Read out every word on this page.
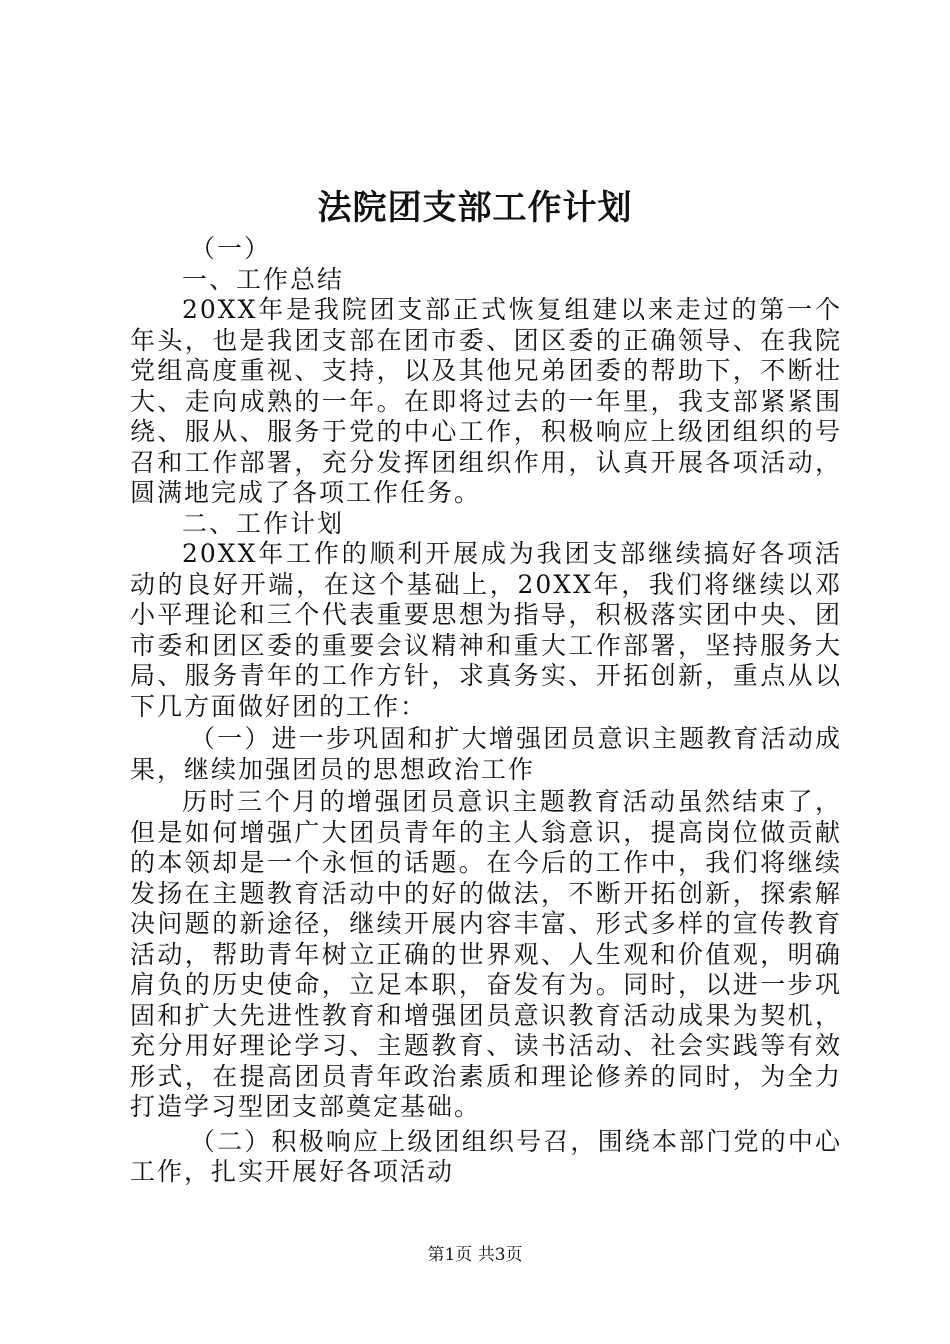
法院团支部工作计划

（一）

一、工作总结

20XX年是我院团支部正式恢复组建以来走过的第一个年头，也是我团支部在团市委、团区委的正确领导、在我院党组高度重视、支持，以及其他兄弟团委的帮助下，不断壮大、走向成熟的一年。在即将过去的一年里，我支部紧紧围绕、服从、服务于党的中心工作，积极响应上级团组织的号召和工作部署，充分发挥团组织作用，认真开展各项活动，圆满地完成了各项工作任务。

二、工作计划

20XX年工作的顺利开展成为我团支部继续搞好各项活动的良好开端，在这个基础上，20XX年，我们将继续以邓小平理论和三个代表重要思想为指导，积极落实团中央、团市委和团区委的重要会议精神和重大工作部署，坚持服务大局、服务青年的工作方针，求真务实、开拓创新，重点从以下几方面做好团的工作：

（一）进一步巩固和扩大增强团员意识主题教育活动成果，继续加强团员的思想政治工作

历时三个月的增强团员意识主题教育活动虽然结束了，但是如何增强广大团员青年的主人翁意识，提高岗位做贡献的本领却是一个永恒的话题。在今后的工作中，我们将继续发扬在主题教育活动中的好的做法，不断开拓创新，探索解决问题的新途径，继续开展内容丰富、形式多样的宣传教育活动，帮助青年树立正确的世界观、人生观和价值观，明确肩负的历史使命，立足本职，奋发有为。同时，以进一步巩固和扩大先进性教育和增强团员意识教育活动成果为契机，充分用好理论学习、主题教育、读书活动、社会实践等有效形式，在提高团员青年政治素质和理论修养的同时，为全力打造学习型团支部奠定基础。

（二）积极响应上级团组织号召，围绕本部门党的中心工作，扎实开展好各项活动

第1页 共3页
